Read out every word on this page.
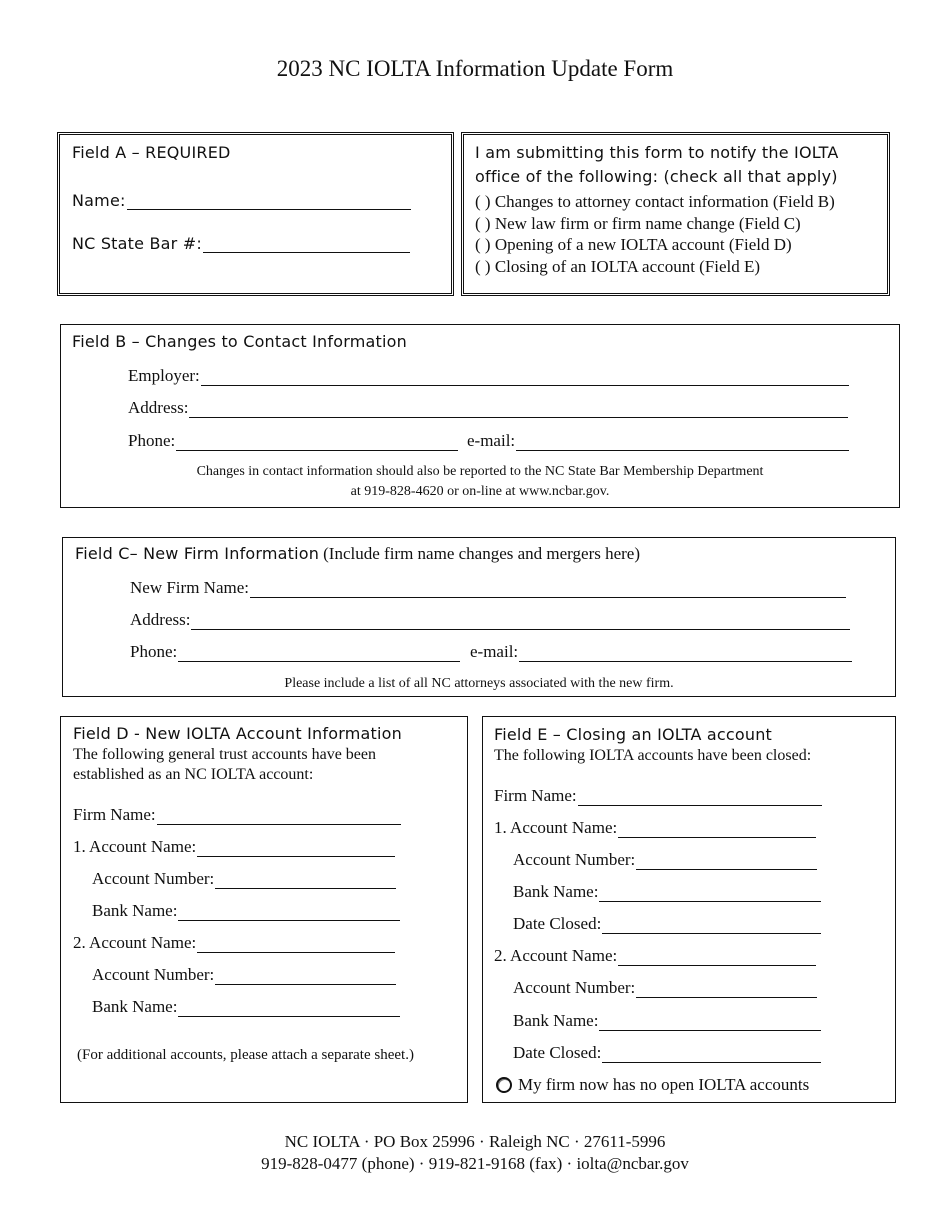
2023 NC IOLTA Information Update Form
Field A – REQUIRED
Name:
NC State Bar #:
I am submitting this form to notify the IOLTA
office of the following: (check all that apply)
( ) Changes to attorney contact information (Field B)
( ) New law firm or firm name change (Field C)
( ) Opening of a new IOLTA account (Field D)
( ) Closing of an IOLTA account (Field E)
Field B – Changes to Contact Information
Employer:
Address:
Phone:	e-mail:
Changes in contact information should also be reported to the NC State Bar Membership Department
at 919-828-4620 or on-line at www.ncbar.gov.
Field C– New Firm Information (Include firm name changes and mergers here)
New Firm Name:
Address:
Phone:	e-mail:
Please include a list of all NC attorneys associated with the new firm.
Field D - New IOLTA Account Information
The following general trust accounts have been
established as an NC IOLTA account:
Firm Name:
1. Account Name:
Account Number:
Bank Name:
2. Account Name:
Account Number:
Bank Name:
(For additional accounts, please attach a separate sheet.)
Field E – Closing an IOLTA account
The following IOLTA accounts have been closed:
Firm Name:
1. Account Name:
Account Number:
Bank Name:
Date Closed:
2. Account Name:
Account Number:
Bank Name:
Date Closed:
My firm now has no open IOLTA accounts
NC IOLTA · PO Box 25996 · Raleigh NC · 27611-5996
919-828-0477 (phone) · 919-821-9168 (fax) · iolta@ncbar.gov
